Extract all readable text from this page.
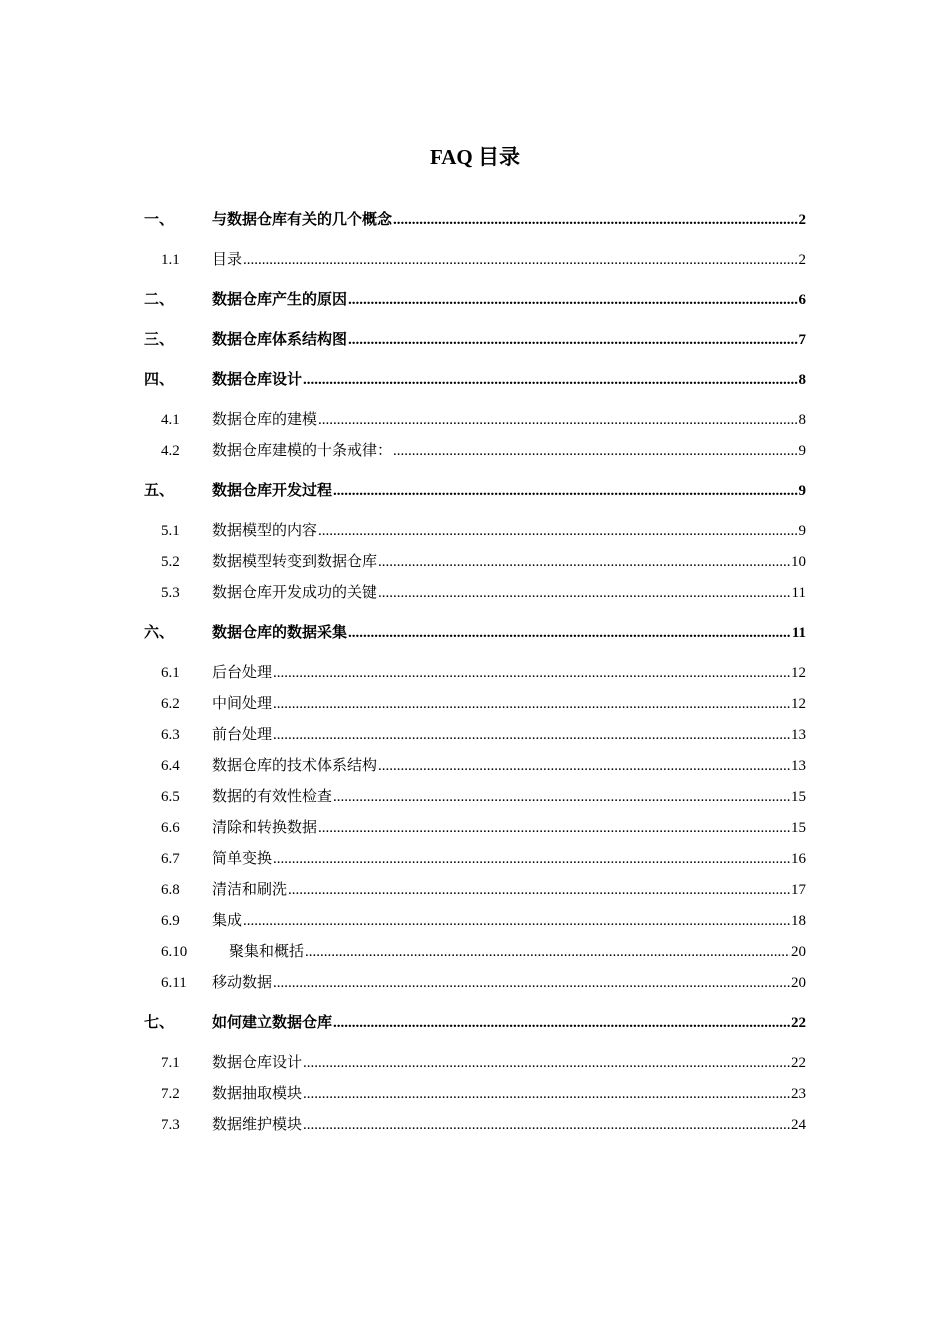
FAQ 目录
一、	与数据仓库有关的几个概念 .....	2
1.1	目录 .....	2
二、	数据仓库产生的原因 .....	6
三、	数据仓库体系结构图 .....	7
四、	数据仓库设计 .....	8
4.1	数据仓库的建模 .....	8
4.2	数据仓库建模的十条戒律： .....	9
五、	数据仓库开发过程 .....	9
5.1	数据模型的内容 .....	9
5.2	数据模型转变到数据仓库 .....	10
5.3	数据仓库开发成功的关键 .....	11
六、	数据仓库的数据采集 .....	11
6.1	后台处理 .....	12
6.2	中间处理 .....	12
6.3	前台处理 .....	13
6.4	数据仓库的技术体系结构 .....	13
6.5	数据的有效性检查 .....	15
6.6	清除和转换数据 .....	15
6.7	简单变换 .....	16
6.8	清洁和刷洗 .....	17
6.9	集成 .....	18
6.10	聚集和概括 .....	20
6.11	移动数据 .....	20
七、	如何建立数据仓库 .....	22
7.1	数据仓库设计 .....	22
7.2	数据抽取模块 .....	23
7.3	数据维护模块 .....	24
